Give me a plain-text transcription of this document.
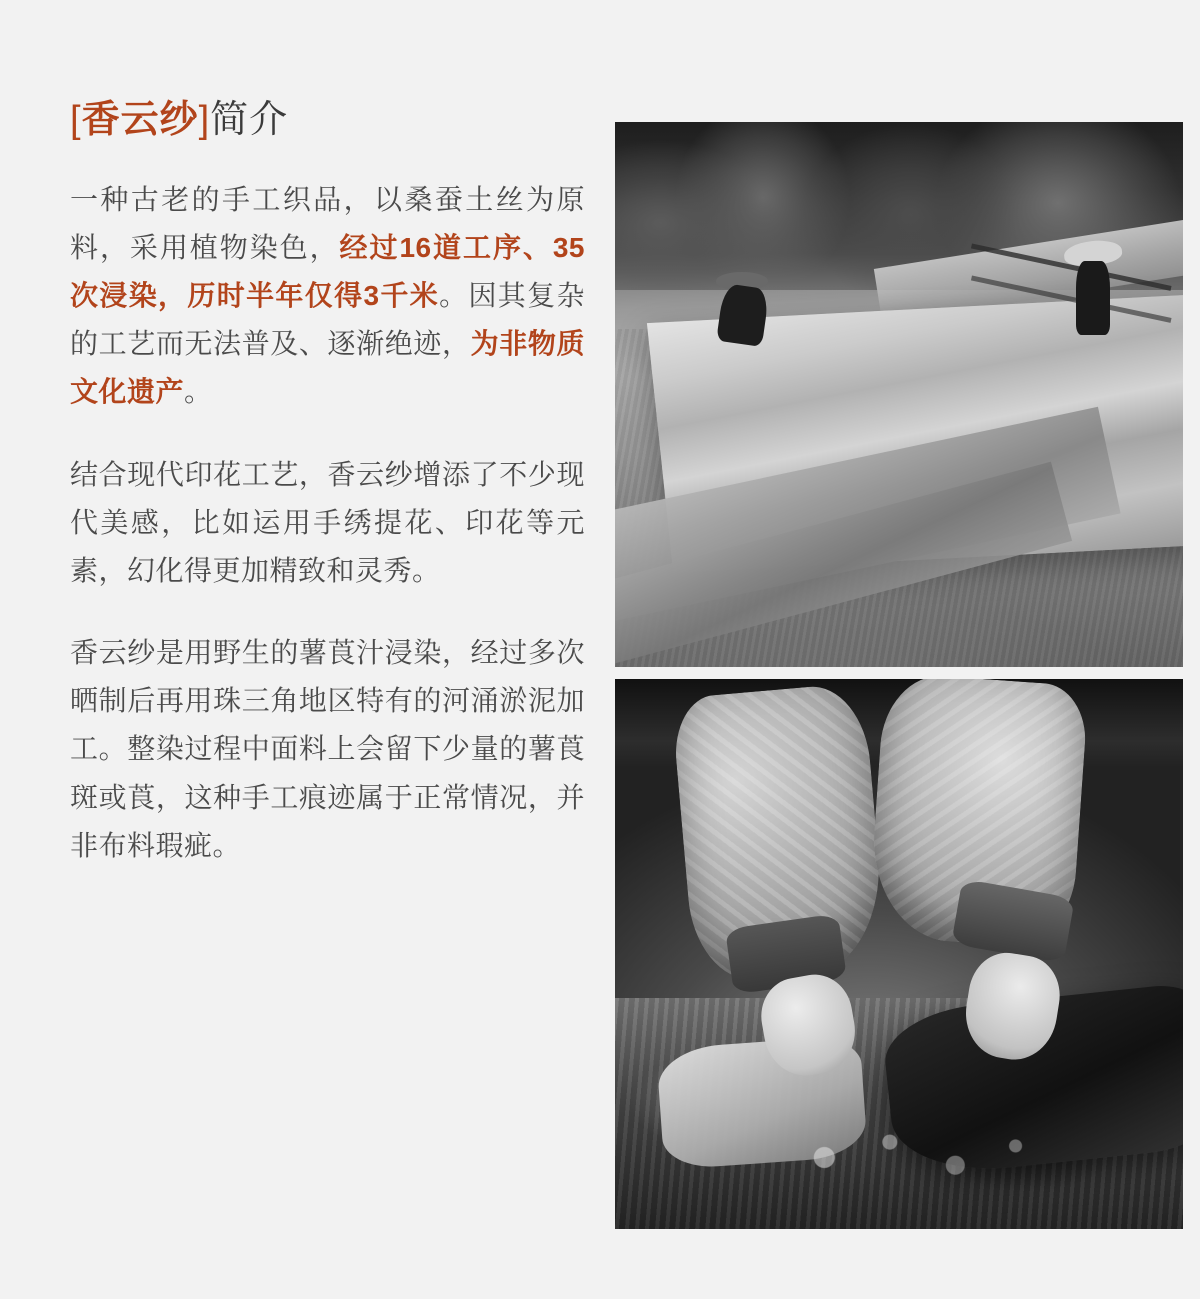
[香云纱]简介

一种古老的手工织品，以桑蚕土丝为原料，采用植物染色，经过16道工序、35次浸染，历时半年仅得3千米。因其复杂的工艺而无法普及、逐渐绝迹，为非物质文化遗产。

结合现代印花工艺，香云纱增添了不少现代美感，比如运用手绣提花、印花等元素，幻化得更加精致和灵秀。

香云纱是用野生的薯莨汁浸染，经过多次晒制后再用珠三角地区特有的河涌淤泥加工。整染过程中面料上会留下少量的薯莨斑或莨，这种手工痕迹属于正常情况，并非布料瑕疵。
